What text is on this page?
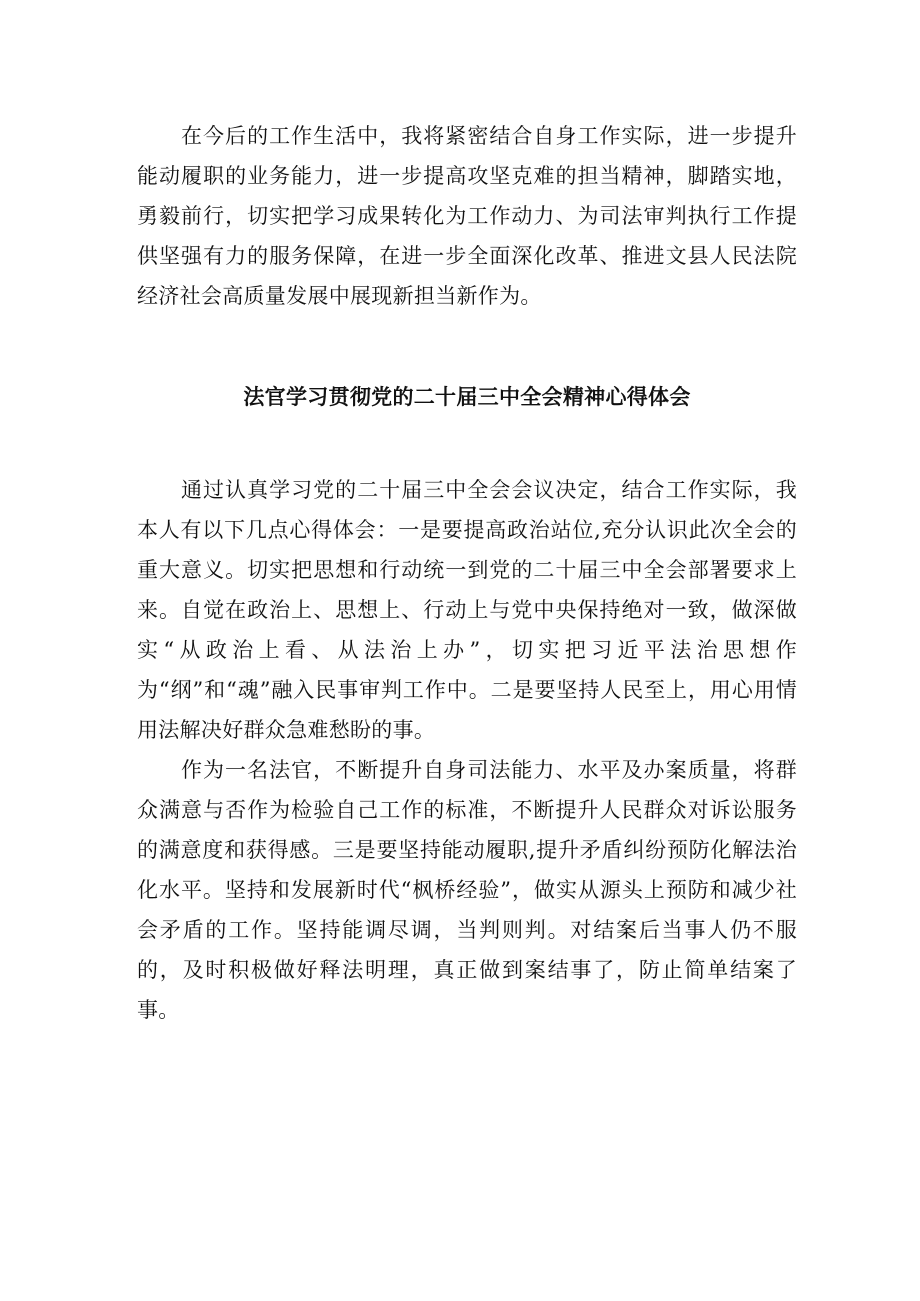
在今后的工作生活中，我将紧密结合自身工作实际，进一步提升能动履职的业务能力，进一步提高攻坚克难的担当精神，脚踏实地，勇毅前行，切实把学习成果转化为工作动力、为司法审判执行工作提供坚强有力的服务保障，在进一步全面深化改革、推进文县人民法院经济社会高质量发展中展现新担当新作为。

法官学习贯彻党的二十届三中全会精神心得体会

通过认真学习党的二十届三中全会会议决定，结合工作实际，我本人有以下几点心得体会：一是要提高政治站位,充分认识此次全会的重大意义。切实把思想和行动统一到党的二十届三中全会部署要求上来。自觉在政治上、思想上、行动上与党中央保持绝对一致，做深做实“从政治上看、从法治上办”，切实把习近平法治思想作为“纲”和“魂”融入民事审判工作中。二是要坚持人民至上，用心用情用法解决好群众急难愁盼的事。

作为一名法官，不断提升自身司法能力、水平及办案质量，将群众满意与否作为检验自己工作的标准，不断提升人民群众对诉讼服务的满意度和获得感。三是要坚持能动履职,提升矛盾纠纷预防化解法治化水平。坚持和发展新时代“枫桥经验”，做实从源头上预防和减少社会矛盾的工作。坚持能调尽调，当判则判。对结案后当事人仍不服的，及时积极做好释法明理，真正做到案结事了，防止简单结案了事。
